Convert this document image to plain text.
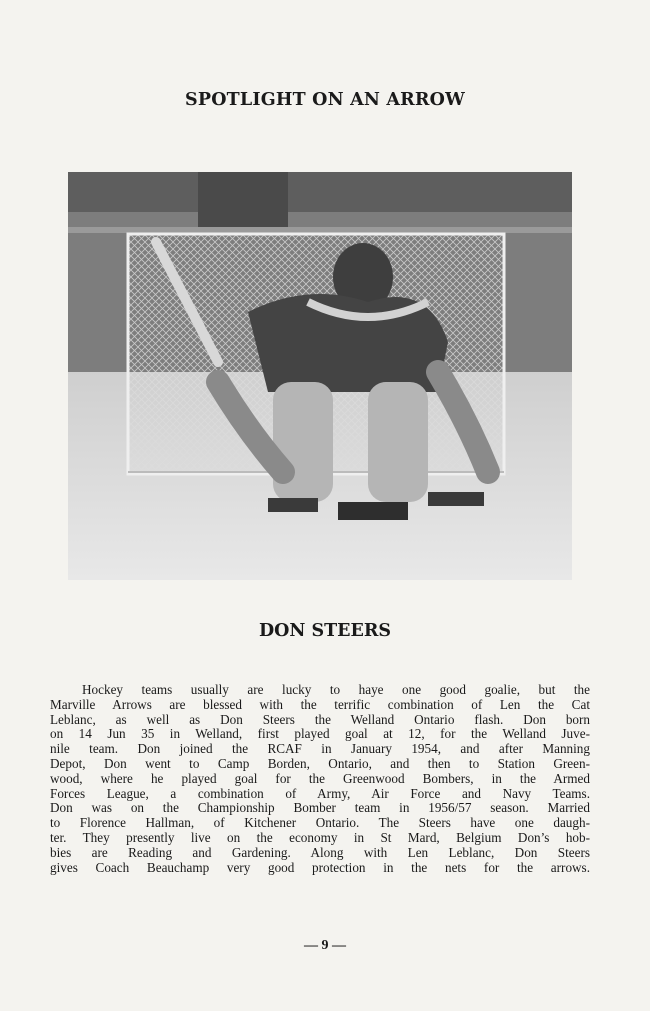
SPOTLIGHT ON AN ARROW
DON STEERS
Hockey teams usually are lucky to haye one good goalie, but the
Marville Arrows are blessed with the terrific combination of Len the Cat
Leblanc, as well as Don Steers the Welland Ontario flash. Don born
on 14 Jun 35 in Welland, first played goal at 12, for the Welland Juve-
nile team. Don joined the RCAF in January 1954, and after Manning
Depot, Don went to Camp Borden, Ontario, and then to Station Green-
wood, where he played goal for the Greenwood Bombers, in the Armed
Forces League, a combination of Army, Air Force and Navy Teams.
Don was on the Championship Bomber team in 1956/57 season. Married
to Florence Hallman, of Kitchener Ontario. The Steers have one daugh-
ter. They presently live on the economy in St Mard, Belgium Don’s hob-
bies are Reading and Gardening. Along with Len Leblanc, Don Steers
gives Coach Beauchamp very good protection in the nets for the arrows.
— 9 —
